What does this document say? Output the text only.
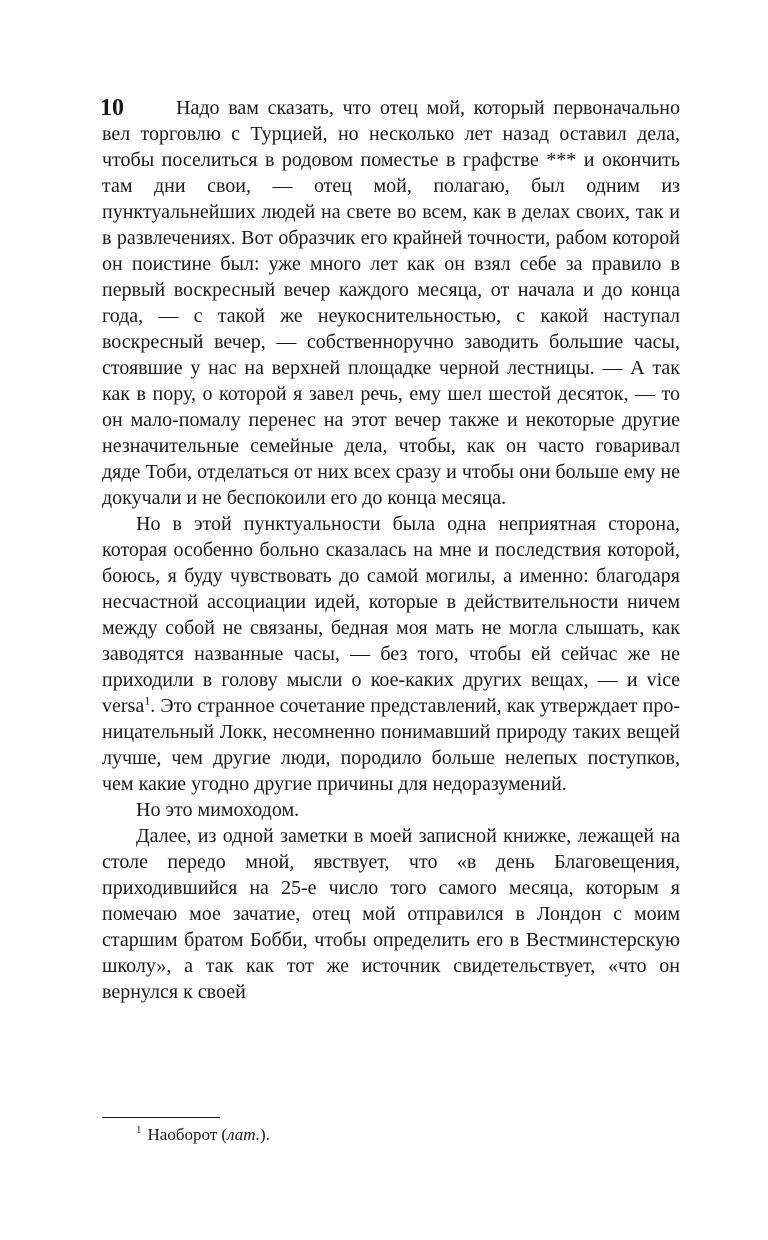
10	Надо вам сказать, что отец мой, который первоначально вел торговлю с Турцией, но несколько лет назад оставил дела, чтобы поселиться в родовом поместье в графстве *** и окончить там дни свои, — отец мой, полагаю, был одним из пунктуальнейших людей на свете во всем, как в делах своих, так и в развлечениях. Вот образчик его крайней точности, рабом которой он поистине был: уже много лет как он взял себе за правило в первый воскресный вечер каждого месяца, от начала и до конца года, — с такой же неукоснительностью, с какой наступал воскресный вечер, — собственноручно заводить большие часы, стоявшие у нас на верхней площадке черной лестницы. — А так как в пору, о которой я завел речь, ему шел шестой десяток, — то он мало-помалу перенес на этот вечер также и некоторые другие незначительные семейные дела, чтобы, как он часто говаривал дяде Тоби, отделаться от них всех сразу и чтобы они больше ему не докучали и не беспокоили его до конца месяца.

Но в этой пунктуальности была одна неприятная сторона, которая особенно больно сказалась на мне и последствия которой, боюсь, я буду чувствовать до самой могилы, а именно: благодаря несчастной ассоциации идей, которые в действительности ничем между собой не связаны, бедная моя мать не могла слышать, как заводятся названные часы, — без того, чтобы ей сейчас же не приходили в голову мысли о кое-каких других вещах, — и vice versa$^1$. Это странное сочетание представлений, как утверждает проницательный Локк, несомненно понимавший природу таких вещей лучше, чем другие люди, породило больше нелепых поступков, чем какие угодно другие причины для недоразумений.

Но это мимоходом.

Далее, из одной заметки в моей записной книжке, лежащей на столе передо мной, явствует, что «в день Благовещения, приходившийся на 25-е число того самого месяца, которым я помечаю мое зачатие, отец мой отправился в Лондон с моим старшим братом Бобби, чтобы определить его в Вестминстерскую школу», а так как тот же источник свидетельствует, «что он вернулся к своей

$^1$ Наоборот (лат.).
